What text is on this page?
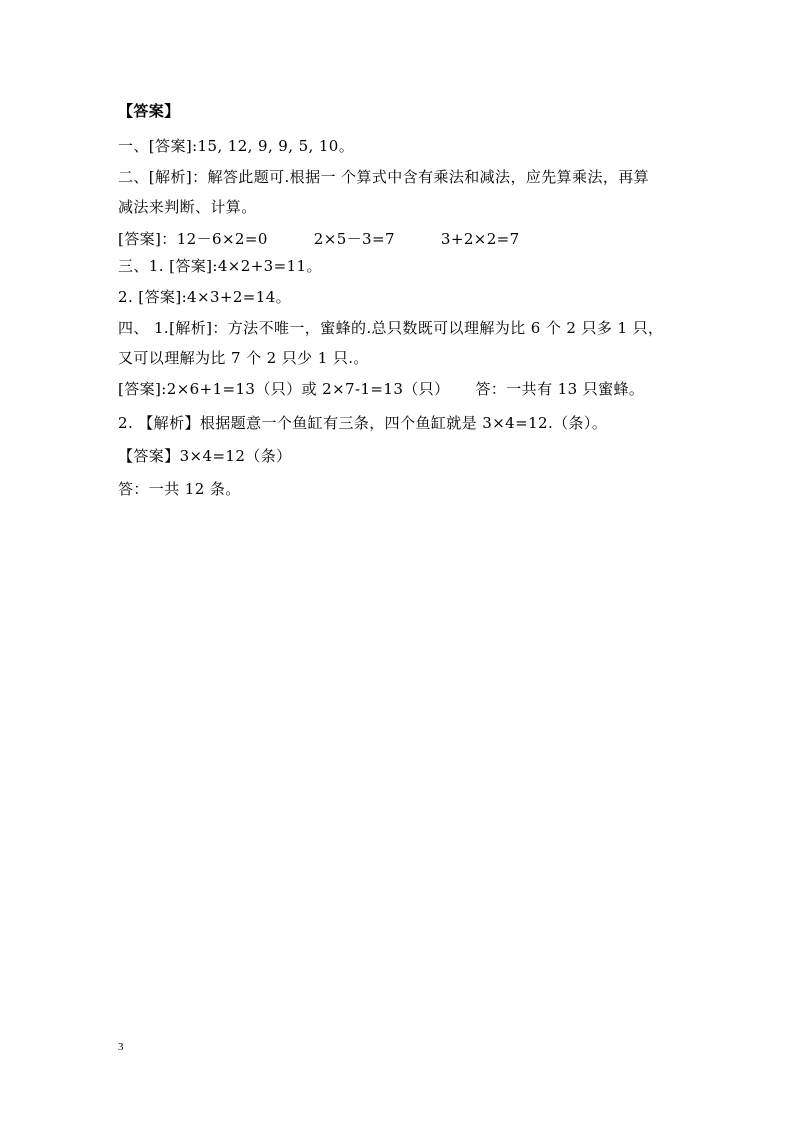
【答案】
一、[答案]:15, 12, 9, 9, 5, 10。
二、[解析]：解答此题可.根据一 个算式中含有乘法和减法，应先算乘法，再算
减法来判断、计算。
[答案]：12－6×2=0	2×5－3=7	3+2×2=7
三、1. [答案]:4×2+3=11。
2. [答案]:4×3+2=14。
四、 1.[解析]：方法不唯一，蜜蜂的.总只数既可以理解为比 6 个 2 只多 1 只，
又可以理解为比 7 个 2 只少 1 只.。
[答案]:2×6+1=13（只）或 2×7-1=13（只） 答：一共有 13 只蜜蜂。
2. 【解析】根据题意一个鱼缸有三条，四个鱼缸就是 3×4=12.（条）。
【答案】3×4=12（条）
答：一共 12 条。
3
